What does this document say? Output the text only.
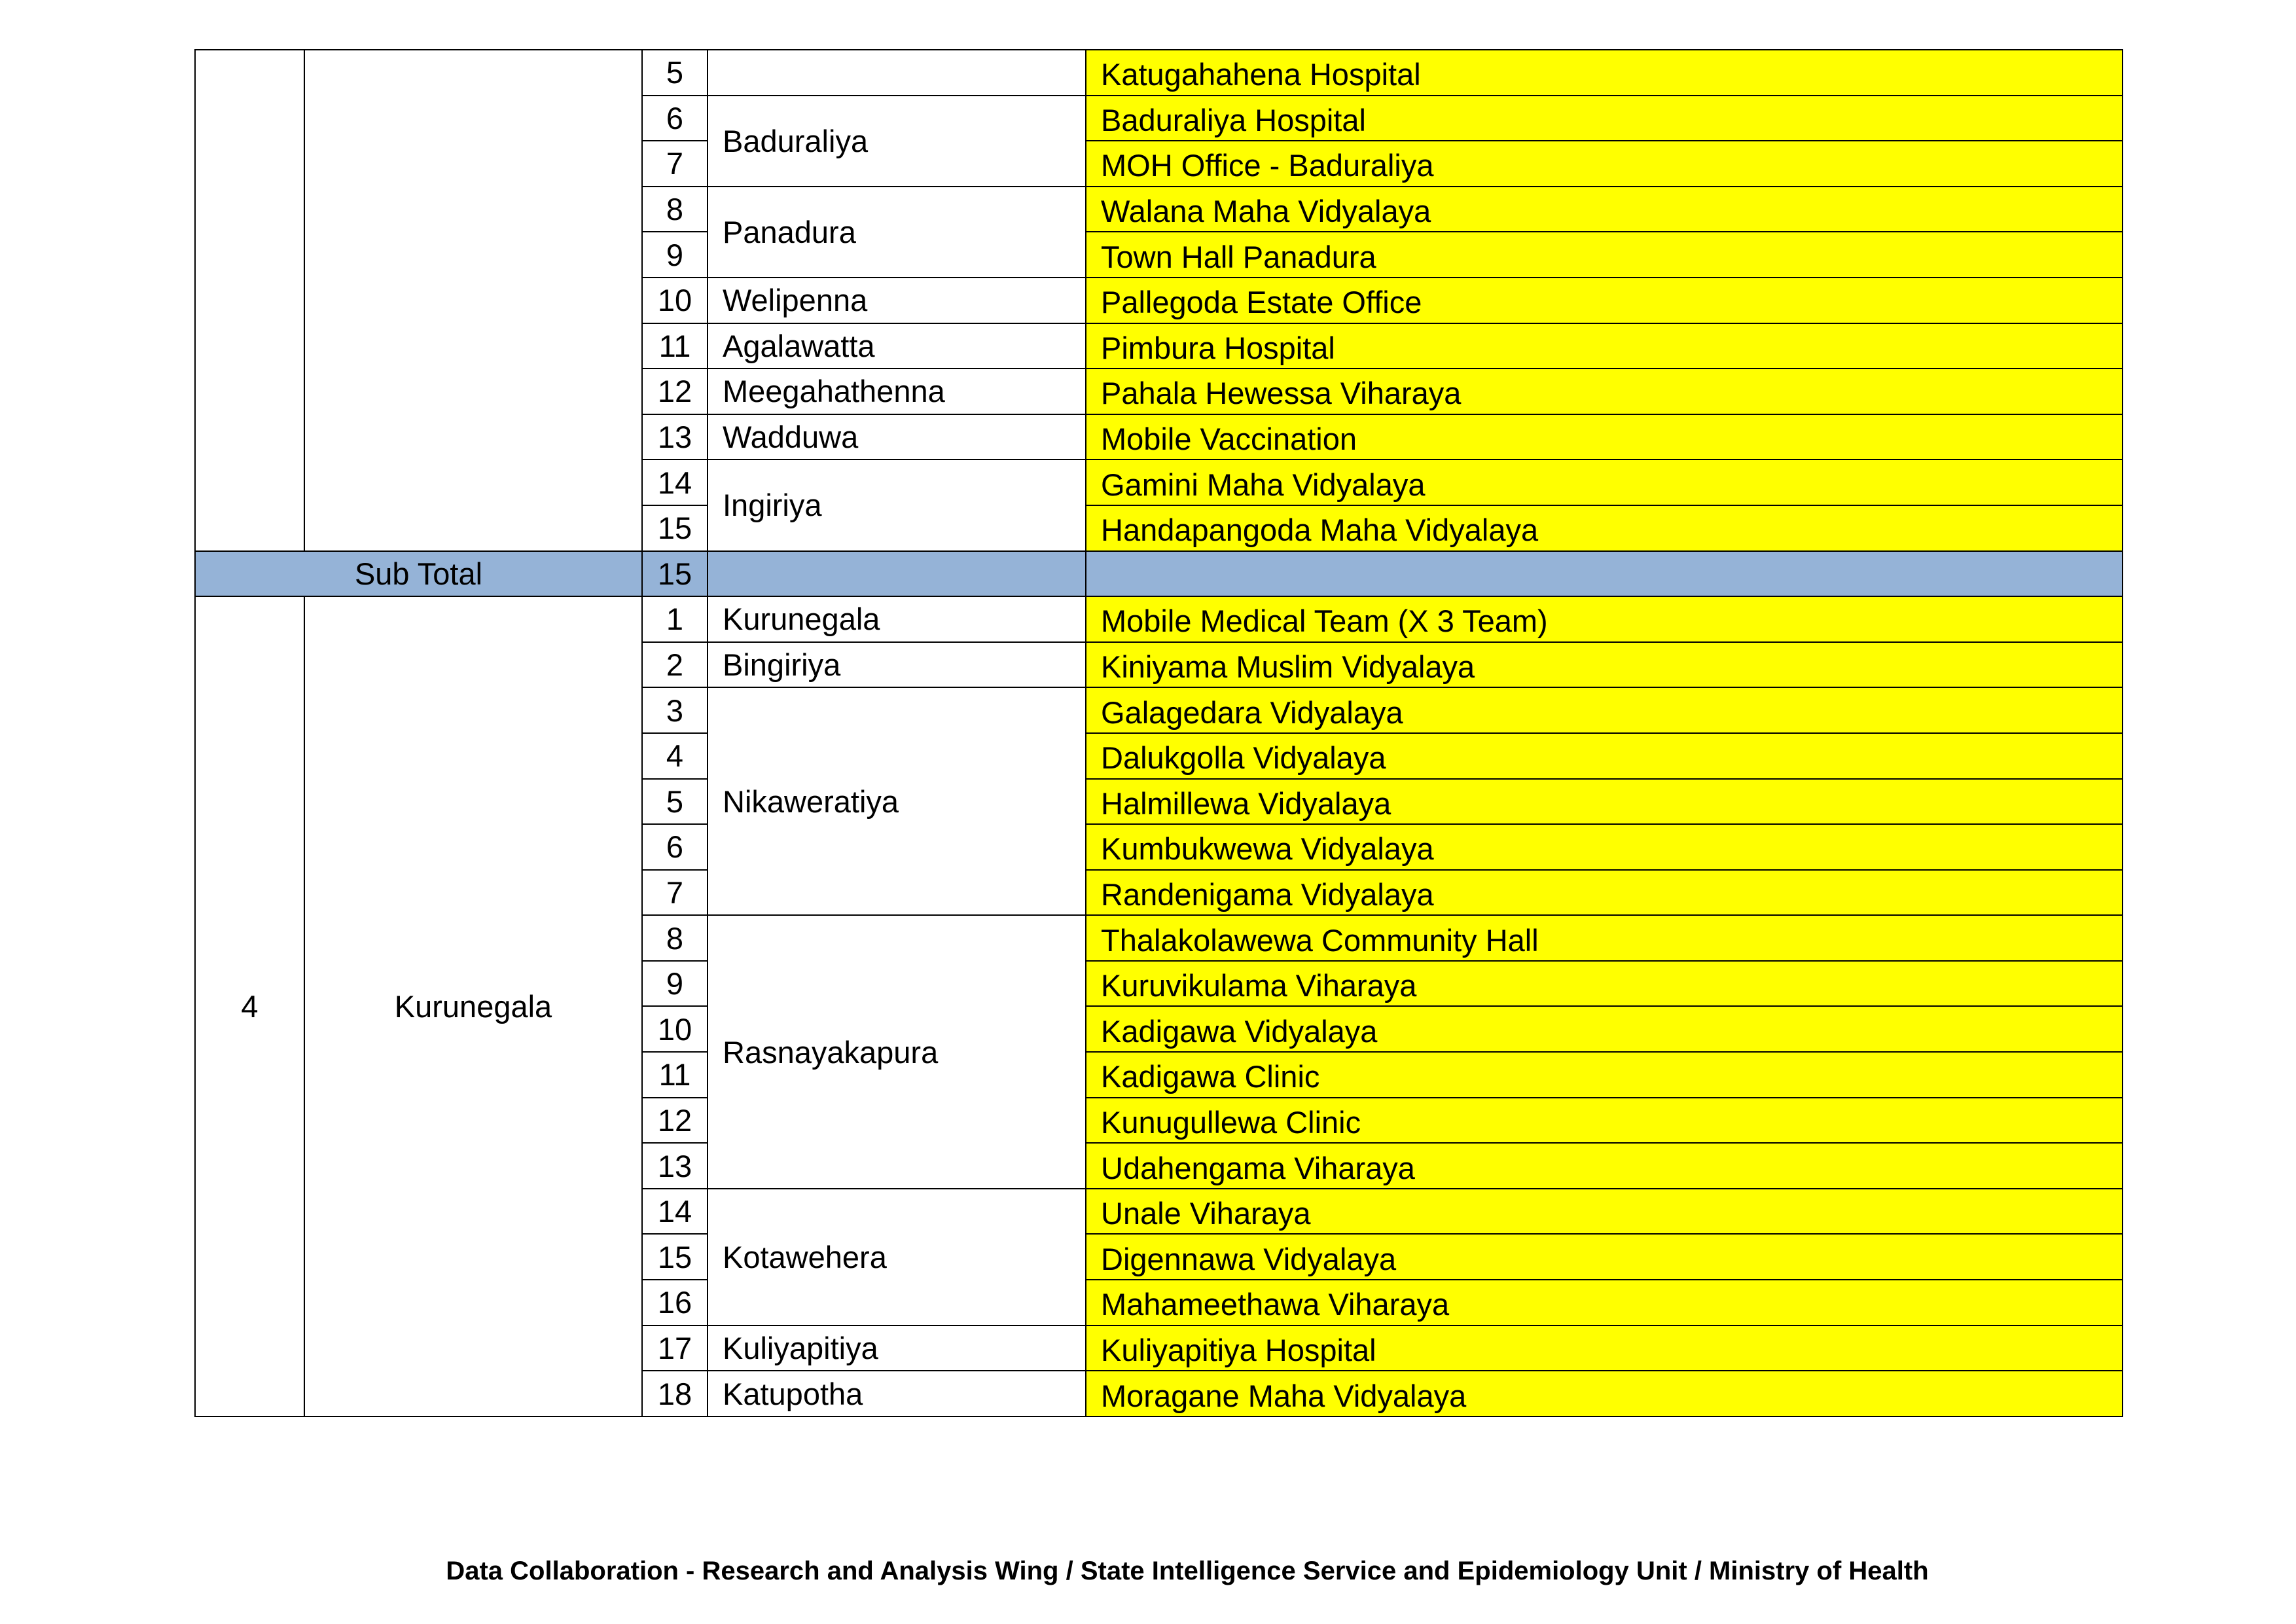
		5		Katugahahena Hospital
		6	Baduraliya	Baduraliya Hospital
		7		MOH Office - Baduraliya
		8	Panadura	Walana Maha Vidyalaya
		9		Town Hall Panadura
		10	Welipenna	Pallegoda Estate Office
		11	Agalawatta	Pimbura Hospital
		12	Meegahathenna	Pahala Hewessa Viharaya
		13	Wadduwa	Mobile Vaccination
		14	Ingiriya	Gamini Maha Vidyalaya
		15		Handapangoda Maha Vidyalaya
Sub Total		15		
4	Kurunegala	1	Kurunegala	Mobile Medical Team (X 3 Team)
		2	Bingiriya	Kiniyama Muslim Vidyalaya
		3	Nikaweratiya	Galagedara Vidyalaya
		4		Dalukgolla Vidyalaya
		5		Halmillewa Vidyalaya
		6		Kumbukwewa Vidyalaya
		7		Randenigama Vidyalaya
		8	Rasnayakapura	Thalakolawewa Community Hall
		9		Kuruvikulama Viharaya
		10		Kadigawa Vidyalaya
		11		Kadigawa Clinic
		12		Kunugullewa Clinic
		13		Udahengama Viharaya
		14	Kotawehera	Unale Viharaya
		15		Digennawa Vidyalaya
		16		Mahameethawa Viharaya
		17	Kuliyapitiya	Kuliyapitiya Hospital
		18	Katupotha	Moragane Maha Vidyalaya
Data Collaboration - Research and Analysis Wing / State Intelligence Service and Epidemiology Unit / Ministry of Health
